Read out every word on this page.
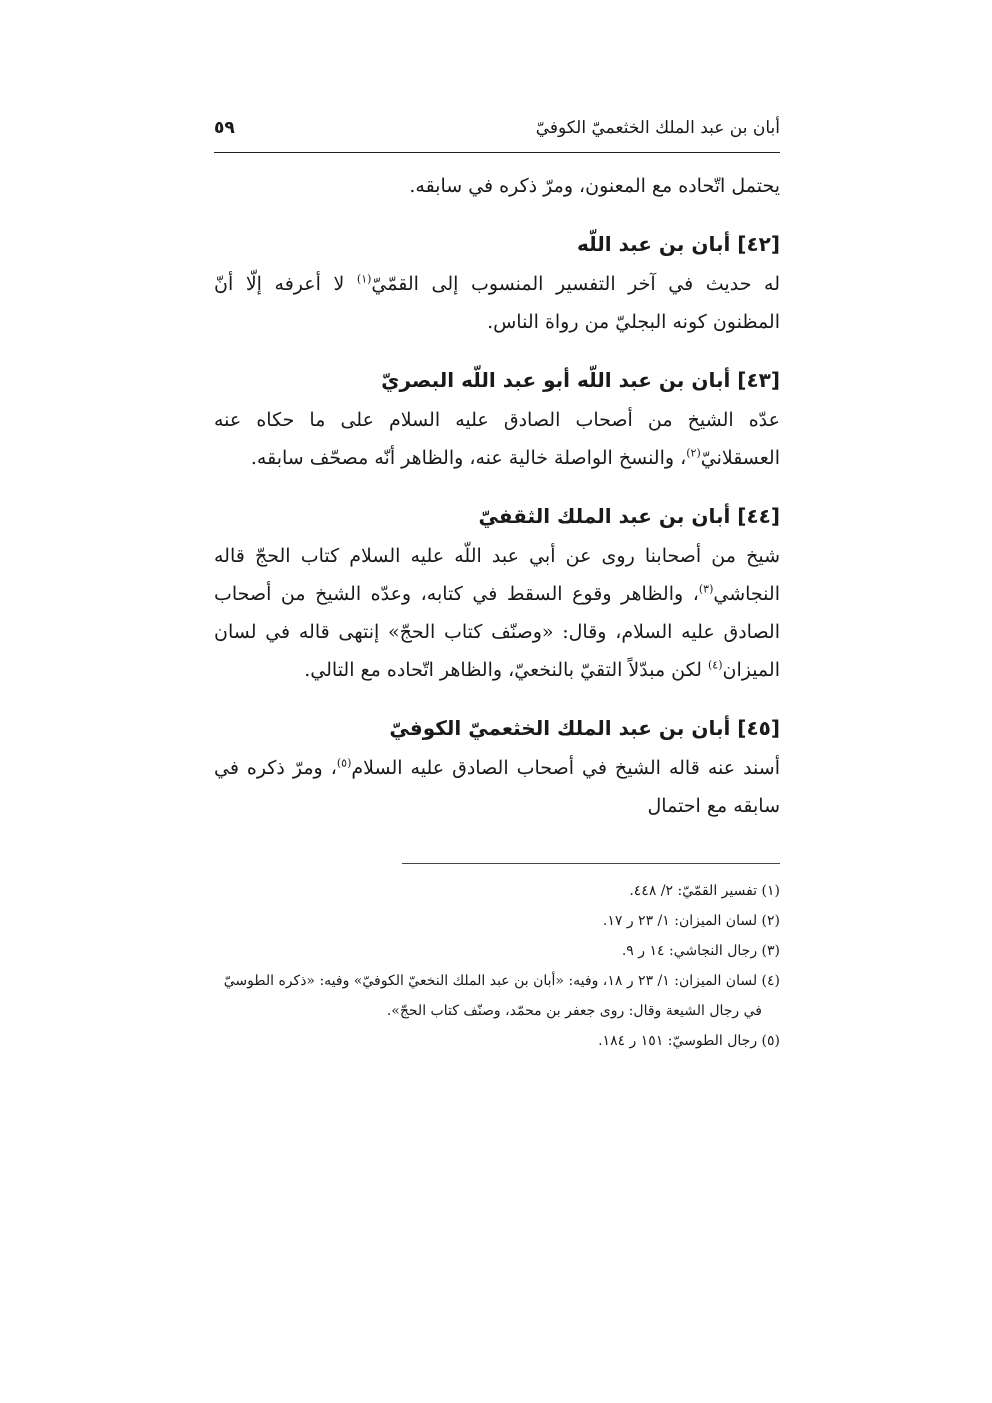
أبان بن عبد الملك الخثعميّ الكوفيّ
٥٩

يحتمل اتّحاده مع المعنون، ومرّ ذكره في سابقه.

[٤٢] أبان بن عبد اللّه

له حديث في آخر التفسير المنسوب إلى القمّيّ$^{(١)}$ لا أعرفه إلّا أنّ المظنون كونه البجليّ من رواة الناس.

[٤٣] أبان بن عبد اللّه أبو عبد اللّه البصريّ

عدّه الشيخ من أصحاب الصادق عليه السلام على ما حكاه عنه العسقلانيّ$^{(٢)}$، والنسخ الواصلة خالية عنه، والظاهر أنّه مصحّف سابقه.

[٤٤] أبان بن عبد الملك الثقفيّ

شيخ من أصحابنا روى عن أبي عبد اللّه عليه السلام كتاب الحجّ قاله النجاشي$^{(٣)}$، والظاهر وقوع السقط في كتابه، وعدّه الشيخ من أصحاب الصادق عليه السلام، وقال: «وصنّف كتاب الحجّ» إنتهى قاله في لسان الميزان$^{(٤)}$ لكن مبدّلاً التقيّ بالنخعيّ، والظاهر اتّحاده مع التالي.

[٤٥] أبان بن عبد الملك الخثعميّ الكوفيّ

أسند عنه قاله الشيخ في أصحاب الصادق عليه السلام$^{(٥)}$، ومرّ ذكره في سابقه مع احتمال

(١) تفسير القمّيّ: ٢/ ٤٤٨.

(٢) لسان الميزان: ١/ ٢٣ ر ١٧.

(٣) رجال النجاشي: ١٤ ر ٩.

(٤) لسان الميزان: ١/ ٢٣ ر ١٨، وفيه: «أبان بن عبد الملك النخعيّ الكوفيّ» وفيه: «ذكره الطوسيّ
في رجال الشيعة وقال: روى جعفر بن محمّد، وصنّف كتاب الحجّ».

(٥) رجال الطوسيّ: ١٥١ ر ١٨٤.
